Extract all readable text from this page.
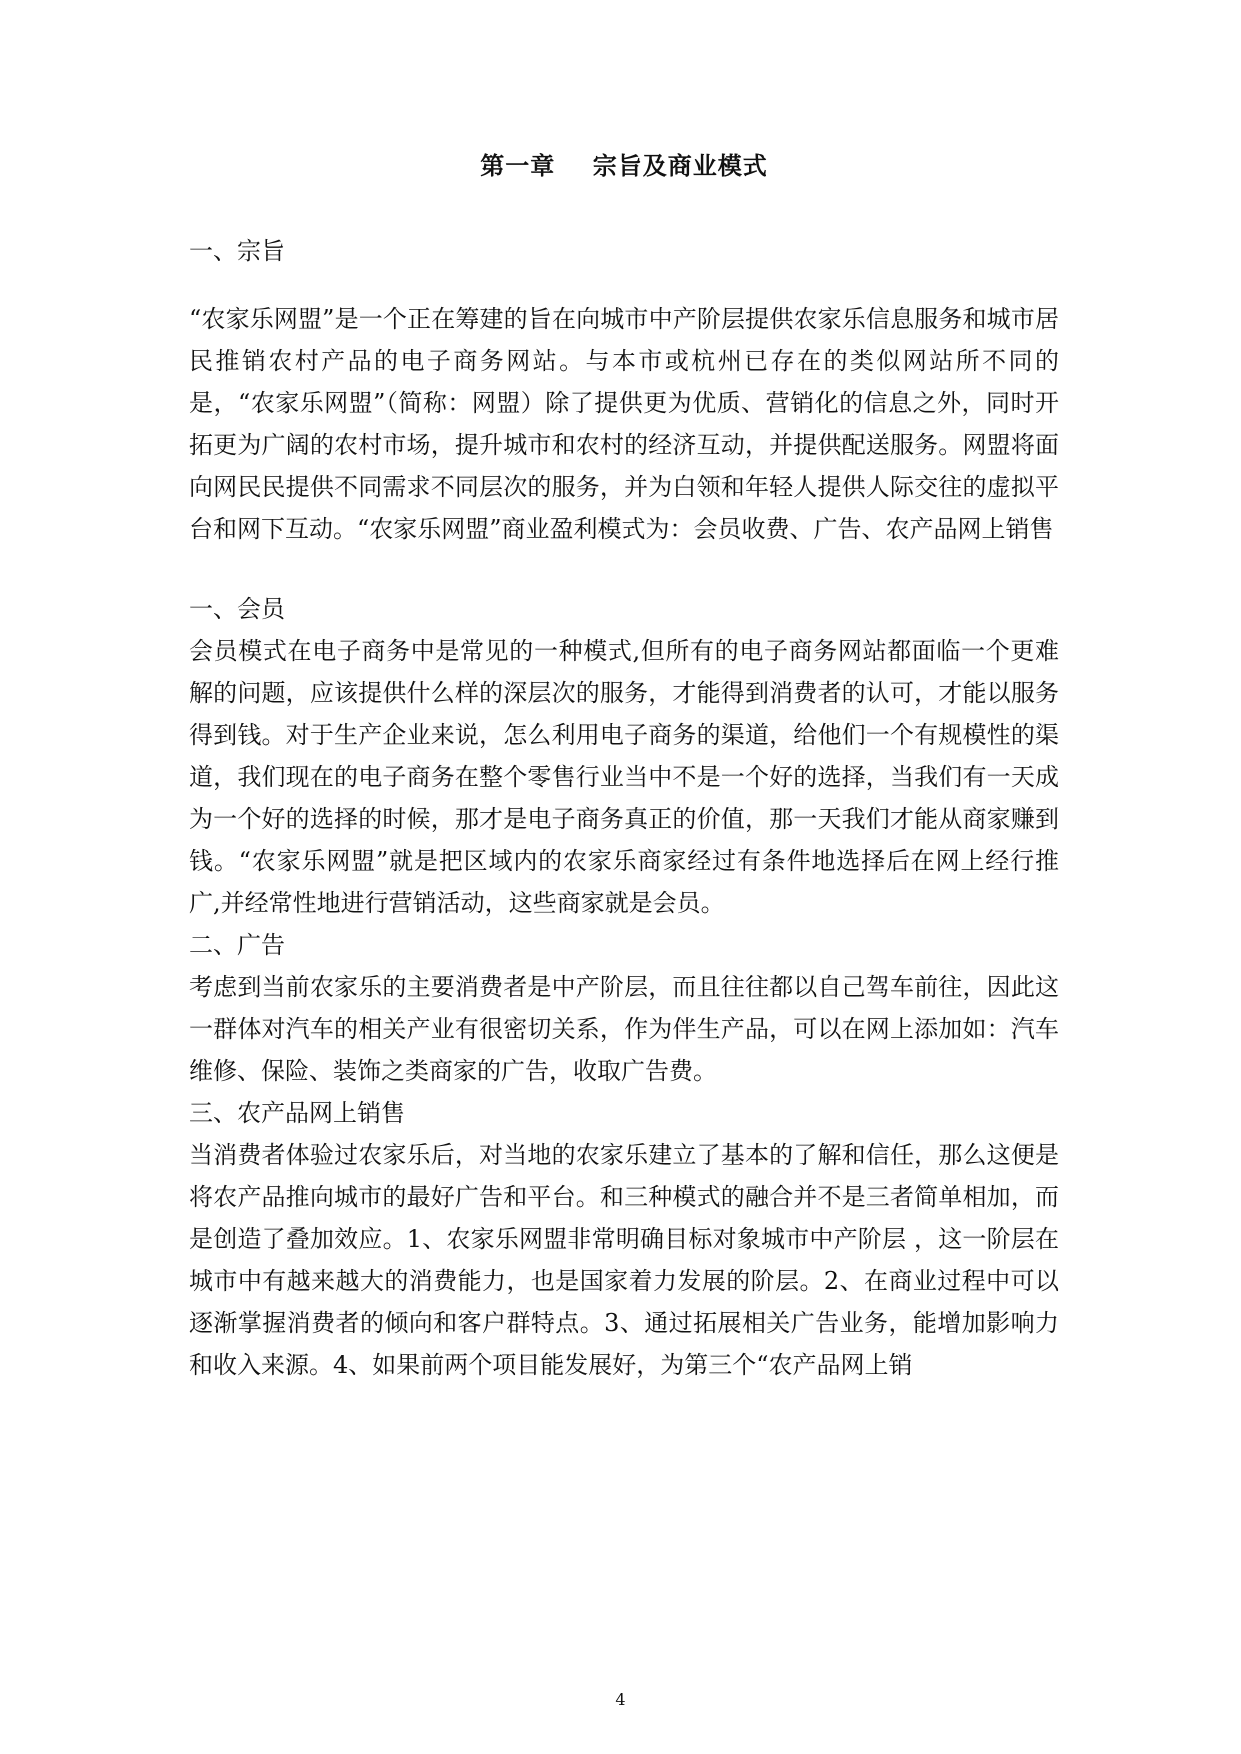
第一章    宗旨及商业模式
一、宗旨

“农家乐网盟”是一个正在筹建的旨在向城市中产阶层提供农家乐信息服务和城市居民推销农村产品的电子商务网站。与本市或杭州已存在的类似网站所不同的是，“农家乐网盟”（简称：网盟）除了提供更为优质、营销化的信息之外，同时开拓更为广阔的农村市场，提升城市和农村的经济互动，并提供配送服务。网盟将面向网民民提供不同需求不同层次的服务，并为白领和年轻人提供人际交往的虚拟平台和网下互动。“农家乐网盟”商业盈利模式为：会员收费、广告、农产品网上销售

一、会员

会员模式在电子商务中是常见的一种模式,但所有的电子商务网站都面临一个更难解的问题，应该提供什么样的深层次的服务，才能得到消费者的认可，才能以服务得到钱。对于生产企业来说，怎么利用电子商务的渠道，给他们一个有规模性的渠道，我们现在的电子商务在整个零售行业当中不是一个好的选择，当我们有一天成为一个好的选择的时候，那才是电子商务真正的价值，那一天我们才能从商家赚到钱。“农家乐网盟”就是把区域内的农家乐商家经过有条件地选择后在网上经行推广,并经常性地进行营销活动，这些商家就是会员。

二、广告

考虑到当前农家乐的主要消费者是中产阶层，而且往往都以自己驾车前往，因此这一群体对汽车的相关产业有很密切关系，作为伴生产品，可以在网上添加如：汽车维修、保险、装饰之类商家的广告，收取广告费。

三、农产品网上销售

当消费者体验过农家乐后，对当地的农家乐建立了基本的了解和信任，那么这便是将农产品推向城市的最好广告和平台。和三种模式的融合并不是三者简单相加，而是创造了叠加效应。1、农家乐网盟非常明确目标对象城市中产阶层 ，这一阶层在城市中有越来越大的消费能力，也是国家着力发展的阶层。2、在商业过程中可以逐渐掌握消费者的倾向和客户群特点。3、通过拓展相关广告业务，能增加影响力和收入来源。4、如果前两个项目能发展好，为第三个“农产品网上销

4
